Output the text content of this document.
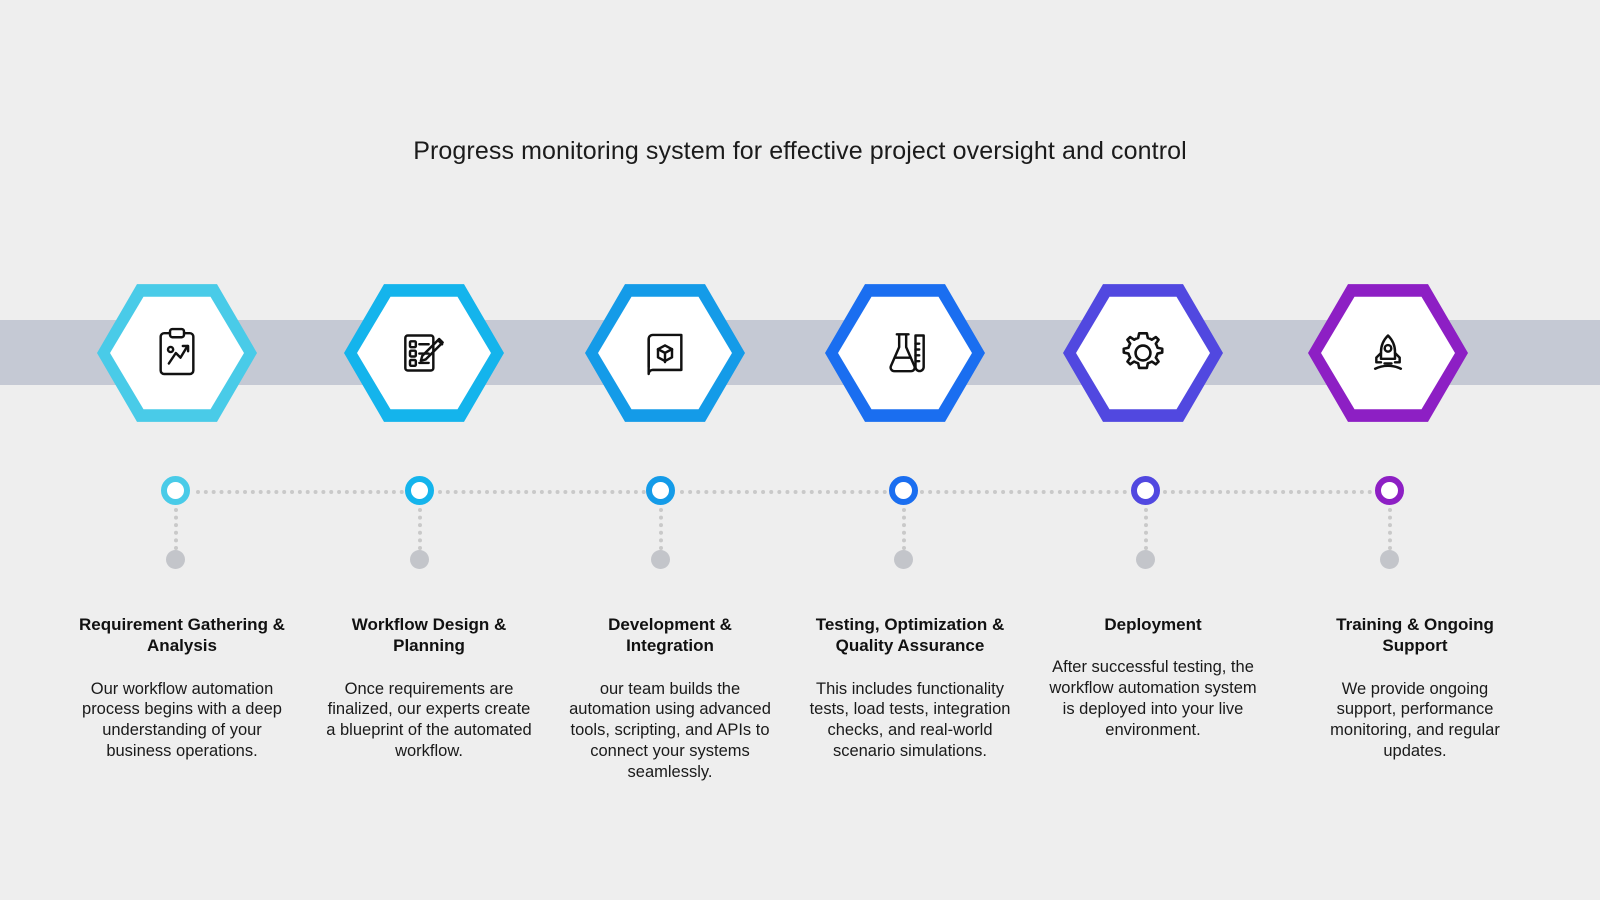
Progress monitoring system for effective project oversight and control
Requirement Gathering & Analysis

Our workflow automation process begins with a deep understanding of your business operations.

Workflow Design & Planning

Once requirements are finalized, our experts create a blueprint of the automated workflow.

Development & Integration

our team builds the automation using advanced tools, scripting, and APIs to connect your systems seamlessly.

Testing, Optimization & Quality Assurance

This includes functionality tests, load tests, integration checks, and real-world scenario simulations.

Deployment

After successful testing, the workflow automation system is deployed into your live environment.

Training & Ongoing Support

We provide ongoing support, performance monitoring, and regular updates.
